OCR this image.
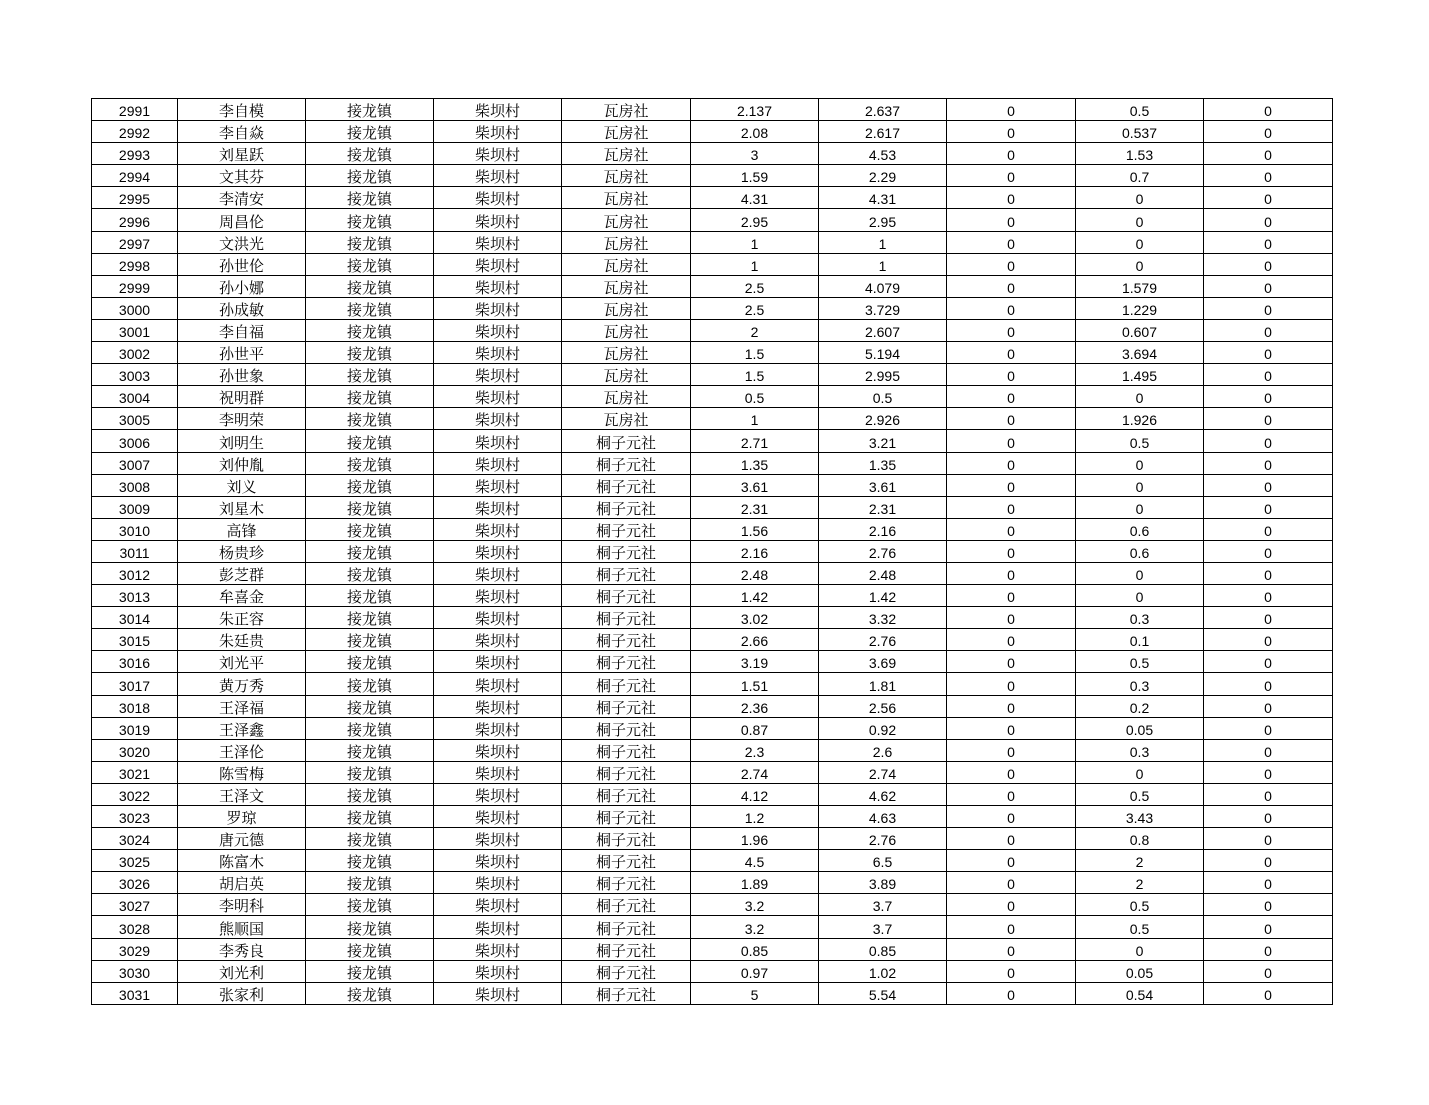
2991	李自模	接龙镇	柴坝村	瓦房社	2.137	2.637	0	0.5	0
2992	李自焱	接龙镇	柴坝村	瓦房社	2.08	2.617	0	0.537	0
2993	刘星跃	接龙镇	柴坝村	瓦房社	3	4.53	0	1.53	0
2994	文其芬	接龙镇	柴坝村	瓦房社	1.59	2.29	0	0.7	0
2995	李清安	接龙镇	柴坝村	瓦房社	4.31	4.31	0	0	0
2996	周昌伦	接龙镇	柴坝村	瓦房社	2.95	2.95	0	0	0
2997	文洪光	接龙镇	柴坝村	瓦房社	1	1	0	0	0
2998	孙世伦	接龙镇	柴坝村	瓦房社	1	1	0	0	0
2999	孙小娜	接龙镇	柴坝村	瓦房社	2.5	4.079	0	1.579	0
3000	孙成敏	接龙镇	柴坝村	瓦房社	2.5	3.729	0	1.229	0
3001	李自福	接龙镇	柴坝村	瓦房社	2	2.607	0	0.607	0
3002	孙世平	接龙镇	柴坝村	瓦房社	1.5	5.194	0	3.694	0
3003	孙世象	接龙镇	柴坝村	瓦房社	1.5	2.995	0	1.495	0
3004	祝明群	接龙镇	柴坝村	瓦房社	0.5	0.5	0	0	0
3005	李明荣	接龙镇	柴坝村	瓦房社	1	2.926	0	1.926	0
3006	刘明生	接龙镇	柴坝村	桐子元社	2.71	3.21	0	0.5	0
3007	刘仲胤	接龙镇	柴坝村	桐子元社	1.35	1.35	0	0	0
3008	刘义	接龙镇	柴坝村	桐子元社	3.61	3.61	0	0	0
3009	刘星木	接龙镇	柴坝村	桐子元社	2.31	2.31	0	0	0
3010	高锋	接龙镇	柴坝村	桐子元社	1.56	2.16	0	0.6	0
3011	杨贵珍	接龙镇	柴坝村	桐子元社	2.16	2.76	0	0.6	0
3012	彭芝群	接龙镇	柴坝村	桐子元社	2.48	2.48	0	0	0
3013	牟喜金	接龙镇	柴坝村	桐子元社	1.42	1.42	0	0	0
3014	朱正容	接龙镇	柴坝村	桐子元社	3.02	3.32	0	0.3	0
3015	朱廷贵	接龙镇	柴坝村	桐子元社	2.66	2.76	0	0.1	0
3016	刘光平	接龙镇	柴坝村	桐子元社	3.19	3.69	0	0.5	0
3017	黄万秀	接龙镇	柴坝村	桐子元社	1.51	1.81	0	0.3	0
3018	王泽福	接龙镇	柴坝村	桐子元社	2.36	2.56	0	0.2	0
3019	王泽鑫	接龙镇	柴坝村	桐子元社	0.87	0.92	0	0.05	0
3020	王泽伦	接龙镇	柴坝村	桐子元社	2.3	2.6	0	0.3	0
3021	陈雪梅	接龙镇	柴坝村	桐子元社	2.74	2.74	0	0	0
3022	王泽文	接龙镇	柴坝村	桐子元社	4.12	4.62	0	0.5	0
3023	罗琼	接龙镇	柴坝村	桐子元社	1.2	4.63	0	3.43	0
3024	唐元德	接龙镇	柴坝村	桐子元社	1.96	2.76	0	0.8	0
3025	陈富木	接龙镇	柴坝村	桐子元社	4.5	6.5	0	2	0
3026	胡启英	接龙镇	柴坝村	桐子元社	1.89	3.89	0	2	0
3027	李明科	接龙镇	柴坝村	桐子元社	3.2	3.7	0	0.5	0
3028	熊顺国	接龙镇	柴坝村	桐子元社	3.2	3.7	0	0.5	0
3029	李秀良	接龙镇	柴坝村	桐子元社	0.85	0.85	0	0	0
3030	刘光利	接龙镇	柴坝村	桐子元社	0.97	1.02	0	0.05	0
3031	张家利	接龙镇	柴坝村	桐子元社	5	5.54	0	0.54	0
